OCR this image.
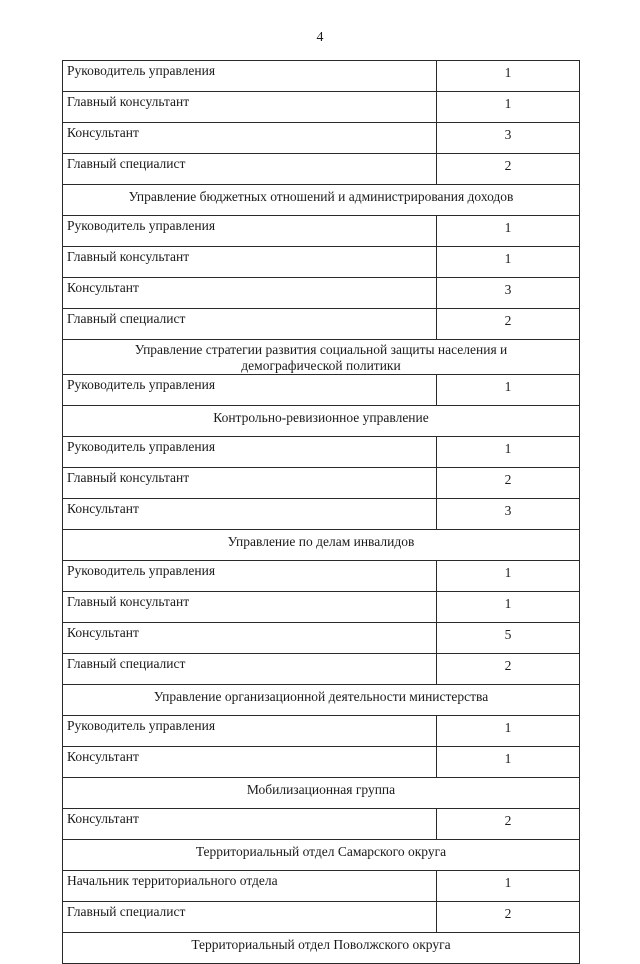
4
Руководитель управления	1
Главный консультант	1
Консультант	3
Главный специалист	2
Управление бюджетных отношений и администрирования доходов	
Руководитель управления	1
Главный консультант	1
Консультант	3
Главный специалист	2
Управление стратегии развития социальной защиты населения и демографической политики	
Руководитель управления	1
Контрольно-ревизионное управление	
Руководитель управления	1
Главный консультант	2
Консультант	3
Управление по делам инвалидов	
Руководитель управления	1
Главный консультант	1
Консультант	5
Главный специалист	2
Управление организационной деятельности министерства	
Руководитель управления	1
Консультант	1
Мобилизационная группа	
Консультант	2
Территориальный отдел Самарского округа	
Начальник территориального отдела	1
Главный специалист	2
Территориальный отдел Поволжского округа	
